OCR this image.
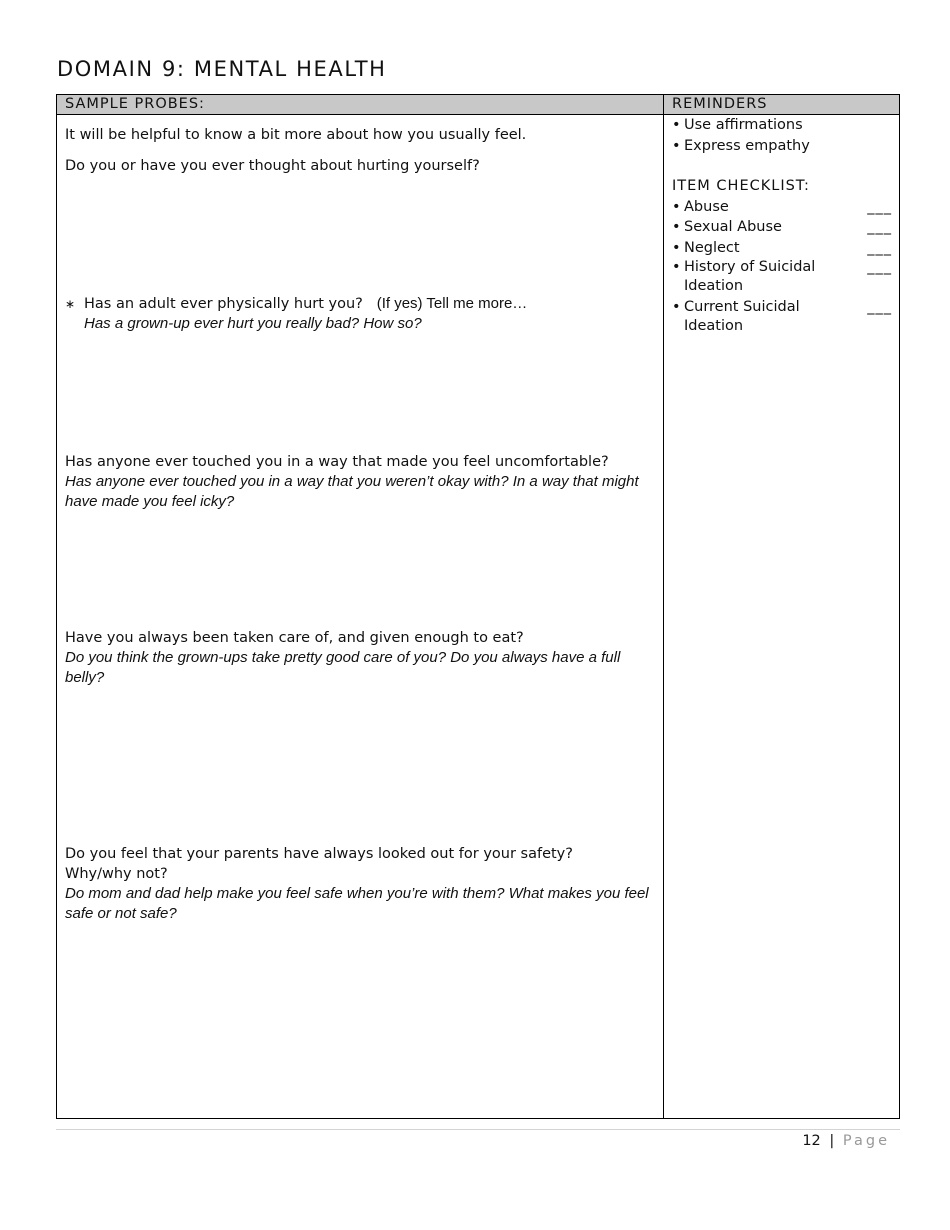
DOMAIN 9: MENTAL HEALTH
SAMPLE PROBES:	REMINDERS
It will be helpful to know a bit more about how you usually feel.
Do you or have you ever thought about hurting yourself?
∗ Has an adult ever physically hurt you? (If yes) Tell me more…
Has a grown-up ever hurt you really bad? How so?
Has anyone ever touched you in a way that made you feel uncomfortable?
Has anyone ever touched you in a way that you weren’t okay with? In a way that might have made you feel icky?
Have you always been taken care of, and given enough to eat?
Do you think the grown-ups take pretty good care of you? Do you always have a full belly?
Do you feel that your parents have always looked out for your safety? Why/why not?
Do mom and dad help make you feel safe when you’re with them? What makes you feel safe or not safe?
• Use affirmations
• Express empathy
ITEM CHECKLIST:
• Abuse	___
• Sexual Abuse	___
• Neglect	___
• History of Suicidal Ideation
___
• Current Suicidal Ideation
___
12 | Page
